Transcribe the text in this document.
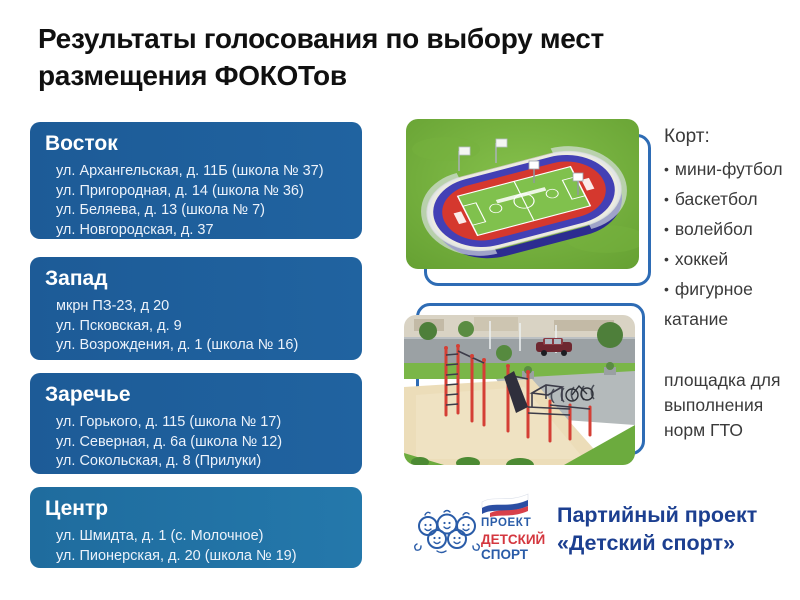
Результаты голосования по выбору мест
размещения ФОКОТов
Восток
ул. Архангельская, д. 11Б (школа № 37)
ул. Пригородная, д. 14 (школа № 36)
ул. Беляева, д. 13 (школа № 7)
ул. Новгородская, д. 37
Запад
мкрн ПЗ-23, д 20
ул. Псковская, д. 9
ул. Возрождения, д. 1 (школа № 16)
Заречье
ул. Горького, д. 115 (школа № 17)
ул. Северная, д. 6а (школа № 12)
ул. Сокольская, д. 8 (Прилуки)
Центр
ул. Шмидта, д. 1 (с. Молочное)
ул. Пионерская, д. 20 (школа № 19)
Корт:
• мини-футбол
• баскетбол
• волейбол
• хоккей
• фигурное катание
площадка для выполнения норм ГТО
ПРОЕКТ
ДЕТСКИЙ
СПОРТ
Партийный проект
«Детский спорт»
